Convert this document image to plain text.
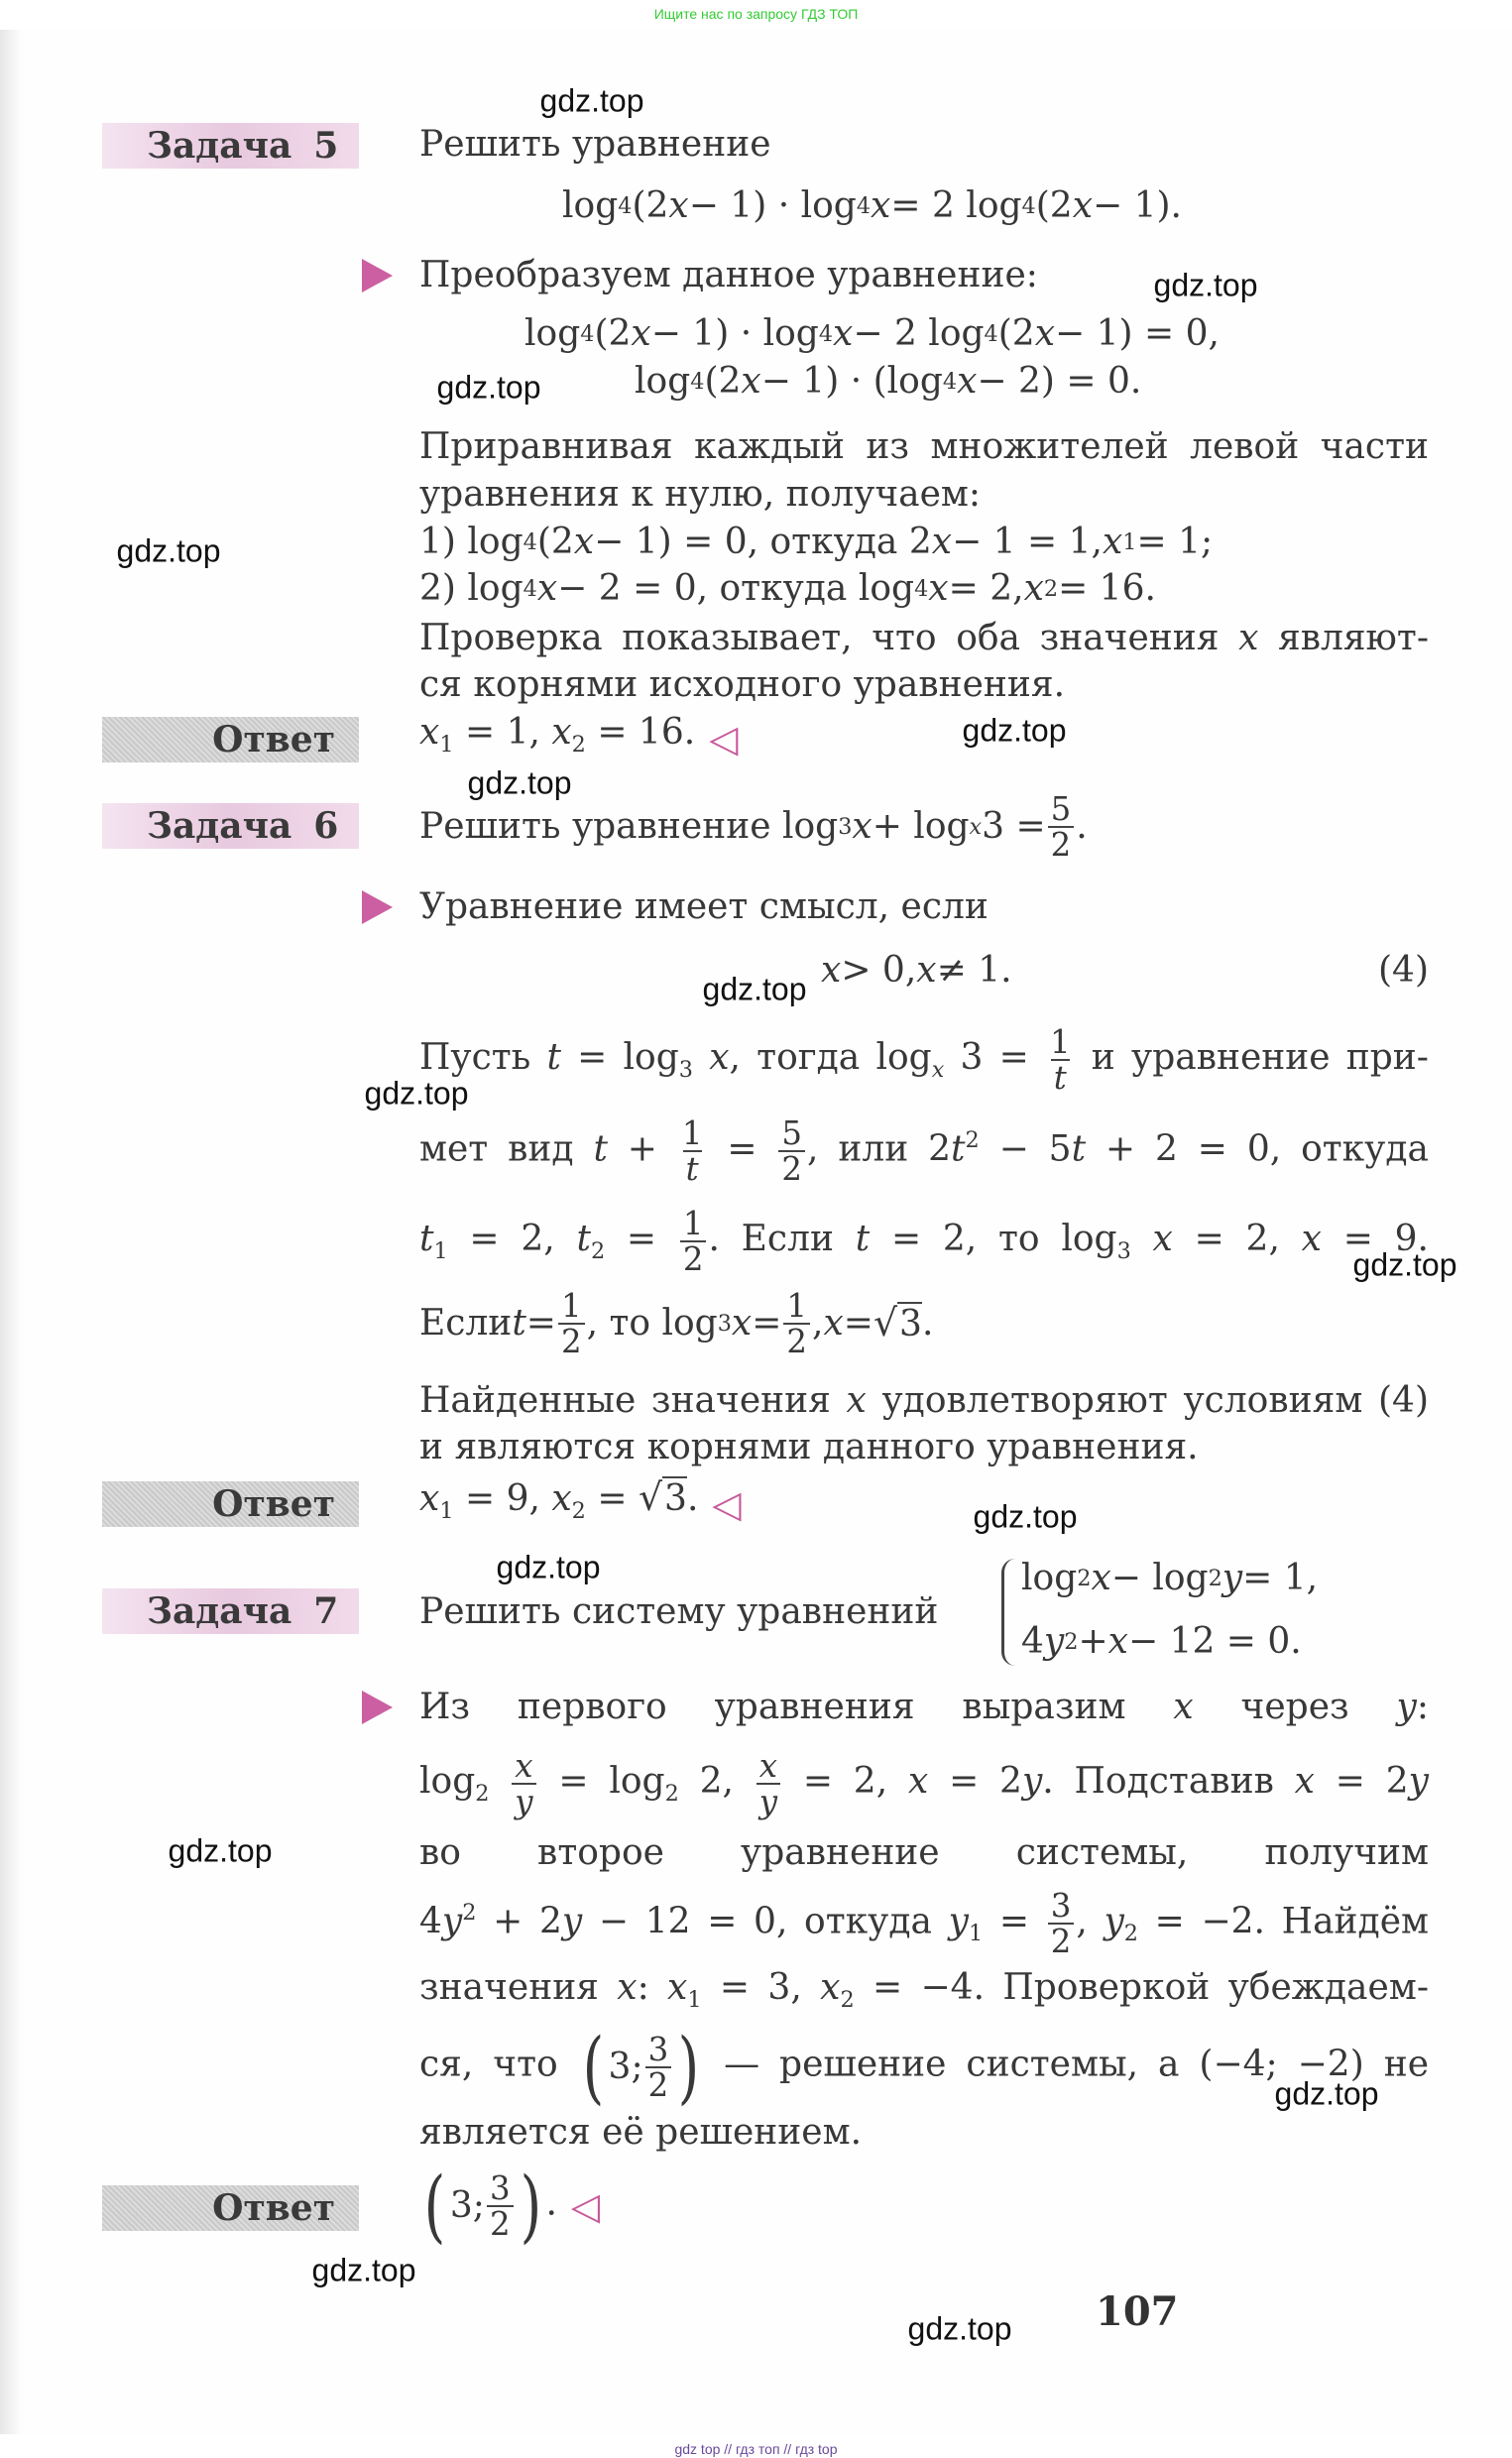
Ищите нас по запросу ГДЗ ТОП
Задача 5	Решить уравнение
log 4 (2 x − 1) · log 4 x = 2 log 4 (2 x − 1).
Преобразуем данное уравнение:
log 4 (2 x − 1) · log 4 x − 2 log 4 (2 x − 1) = 0,
log 4 (2 x − 1) · (log 4 x − 2) = 0.
Приравнивая каждый из множителей левой части
уравнения к нулю, получаем:
1) log 4 (2 x − 1) = 0, откуда 2 x − 1 = 1, x 1 = 1;
2) log 4 x − 2 = 0, откуда log 4 x = 2, x 2 = 16.
Проверка показывает, что оба значения x являют-
ся корнями исходного уравнения.
Ответ	$x_1 = 1$, $x_2 = 16$. ◁
Задача 6	Решить уравнение log 3 x + log x $3 = \frac{5}{2}$ .
Уравнение имеет смысл, если
x > 0, x ≠ 1.	(4)
Пусть $t = \log_3 x$, тогда $\log_x 3 = \frac{1}{t}$ и уравнение при-
мет вид $t + \frac{1}{t} = \frac{5}{2}$ , или $2t^2 - 5t + 2 = 0$, откуда
$t_1 = 2$, $t_2 = \frac{1}{2}$ . Если t = 2, то $\log_3 x = 2$, x = 9.
Если $t = \frac{1}{2}$ , то log 3 $x = \frac{1}{2}$ , x = √3 .
Найденные значения x удовлетворяют условиям (4)
и являются корнями данного уравнения.
Ответ	$x_1 = 9$, $x_2 = √3$. ◁
Задача 7	Решить систему уравнений
log 2 x − log 2 y = 1,
4 y 2 + x − 12 = 0.
Из первого уравнения выразим x через y:
$\log_2 \frac{x}{y} = \log_2 2$, $\frac{x}{y} = 2$, x = 2y. Подставив x = 2y
во второе уравнение системы, получим
$4y^2 + 2y - 12 = 0$, откуда $y_1 = \frac{3}{2}$ , $y_2 = -2$. Найдём
значения x: $x_1 = 3$, $x_2 = -4$. Проверкой убеждаем-
ся, что ( 3; $\frac{3}{2}$ ) — решение системы, а (−4; −2) не
является её решением.
Ответ	( 3; $\frac{3}{2}$ ) . ◁
107
gdz.top
gdz.top
gdz.top
gdz.top
gdz.top
gdz.top
gdz.top
gdz.top
gdz.top
gdz.top
gdz.top
gdz.top
gdz.top
gdz.top
gdz.top
gdz top // гдз топ // гдз top
